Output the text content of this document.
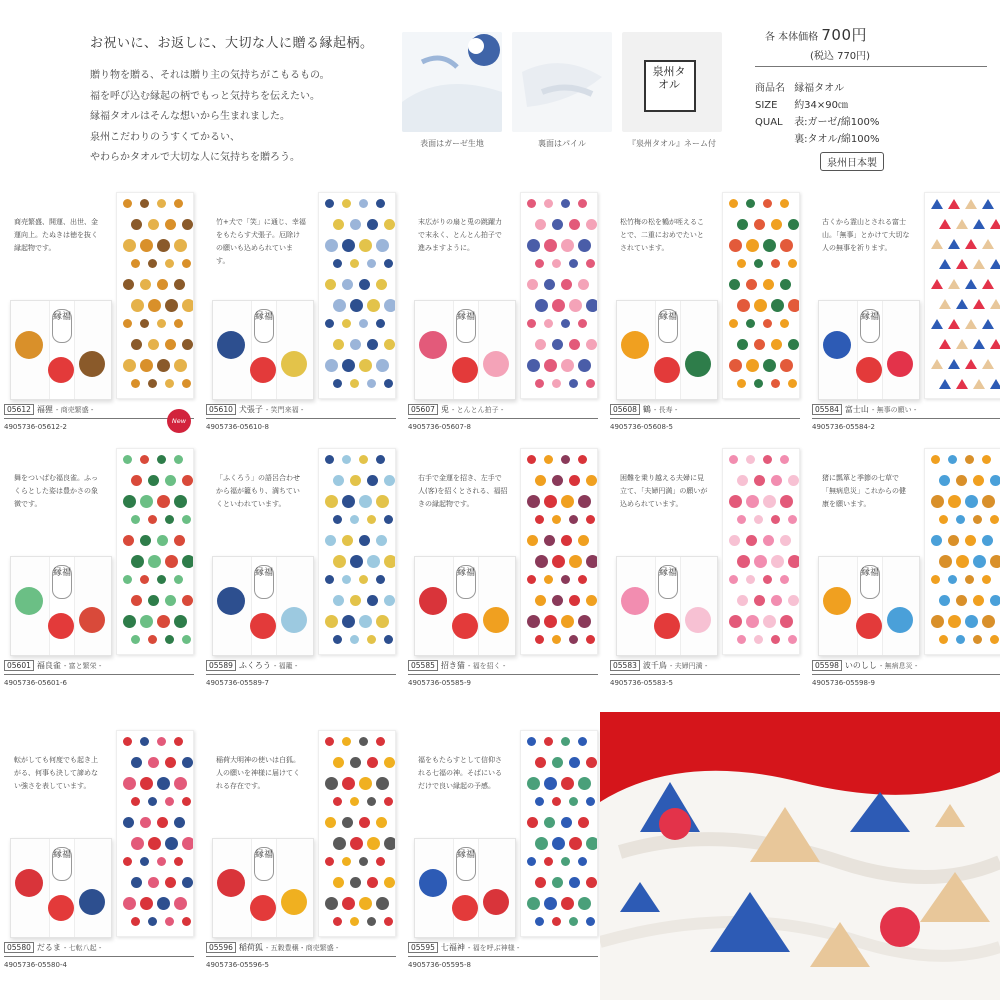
お祝いに、お返しに、大切な人に贈る縁起柄。
贈り物を贈る、それは贈り主の気持ちがこもるもの。
福を呼び込む縁起の柄でもっと気持ちを伝えたい。
縁福タオルはそんな想いから生まれました。
泉州こだわりのうすくてかるい、
やわらかタオルで大切な人に気持ちを贈ろう。
表面はガーゼ生地	裏面はパイル
泉州タオル
『泉州タオル』ネーム付
各 本体価格 700円
(税込 770円)
商品名 縁福タオル
SIZE 約34×90㎝
QUAL 表:ガーゼ/綿100%
裏:タオル/綿100%
泉州日本製
商売繁盛、開運、出世、金運向上。たぬきは徳を抜く縁起物です。
縁福
05612 福狸 - 商売繁盛 -
4905736-05612-2
New
竹+犬で「笑」に通じ、幸福をもたらす犬張子。厄除けの願いも込められています。
縁福
05610 犬張子 - 笑門来福 -
4905736-05610-8
末広がりの扇と兎の跳躍力で末永く、とんとん拍子で進みますように。
縁福
05607 兎 - とんとん拍子 -
4905736-05607-8
松竹梅の松を鶴が咥えることで、二重におめでたいとされています。
縁福
05608 鶴 - 長寿 -
4905736-05608-5
古くから霊山とされる富士山。「無事」とかけて大切な人の無事を祈ります。
縁福
05584 富士山 - 無事の願い -
4905736-05584-2
舞をついばむ福良雀。ふっくらとした姿は豊かさの象徴です。
縁福
05601 福良雀 - 富と繁栄 -
4905736-05601-6
「ふくろう」の語呂合わせから福が籠もり、満ちていくといわれています。
縁福
05589 ふくろう - 福籠 -
4905736-05589-7
右手で金運を招き、左手で人(客)を招くとされる、福招きの縁起物です。
縁福
05585 招き猫 - 福を招く -
4905736-05585-9
困難を乗り越える夫婦に見立て、「夫婦円満」の願いが込められています。
縁福
05583 波千鳥 - 夫婦円満 -
4905736-05583-5
猪に瓢箪と季節の七草で「無病息災」これからの健康を願います。
縁福
05598 いのしし - 無病息災 -
4905736-05598-9
転がしても何度でも起き上がる、何事も決して諦めない強さを表しています。
縁福
05580 だるま - 七転八起 -
4905736-05580-4
稲荷大明神の使いは白狐。人の願いを神様に届けてくれる存在です。
縁福
05596 稲荷狐 - 五穀豊穣・商売繁盛 -
4905736-05596-5
福をもたらすとして信仰される七福の神。そばにいるだけで良い縁起の予感。
縁福
05595 七福神 - 福を呼ぶ神様 -
4905736-05595-8
